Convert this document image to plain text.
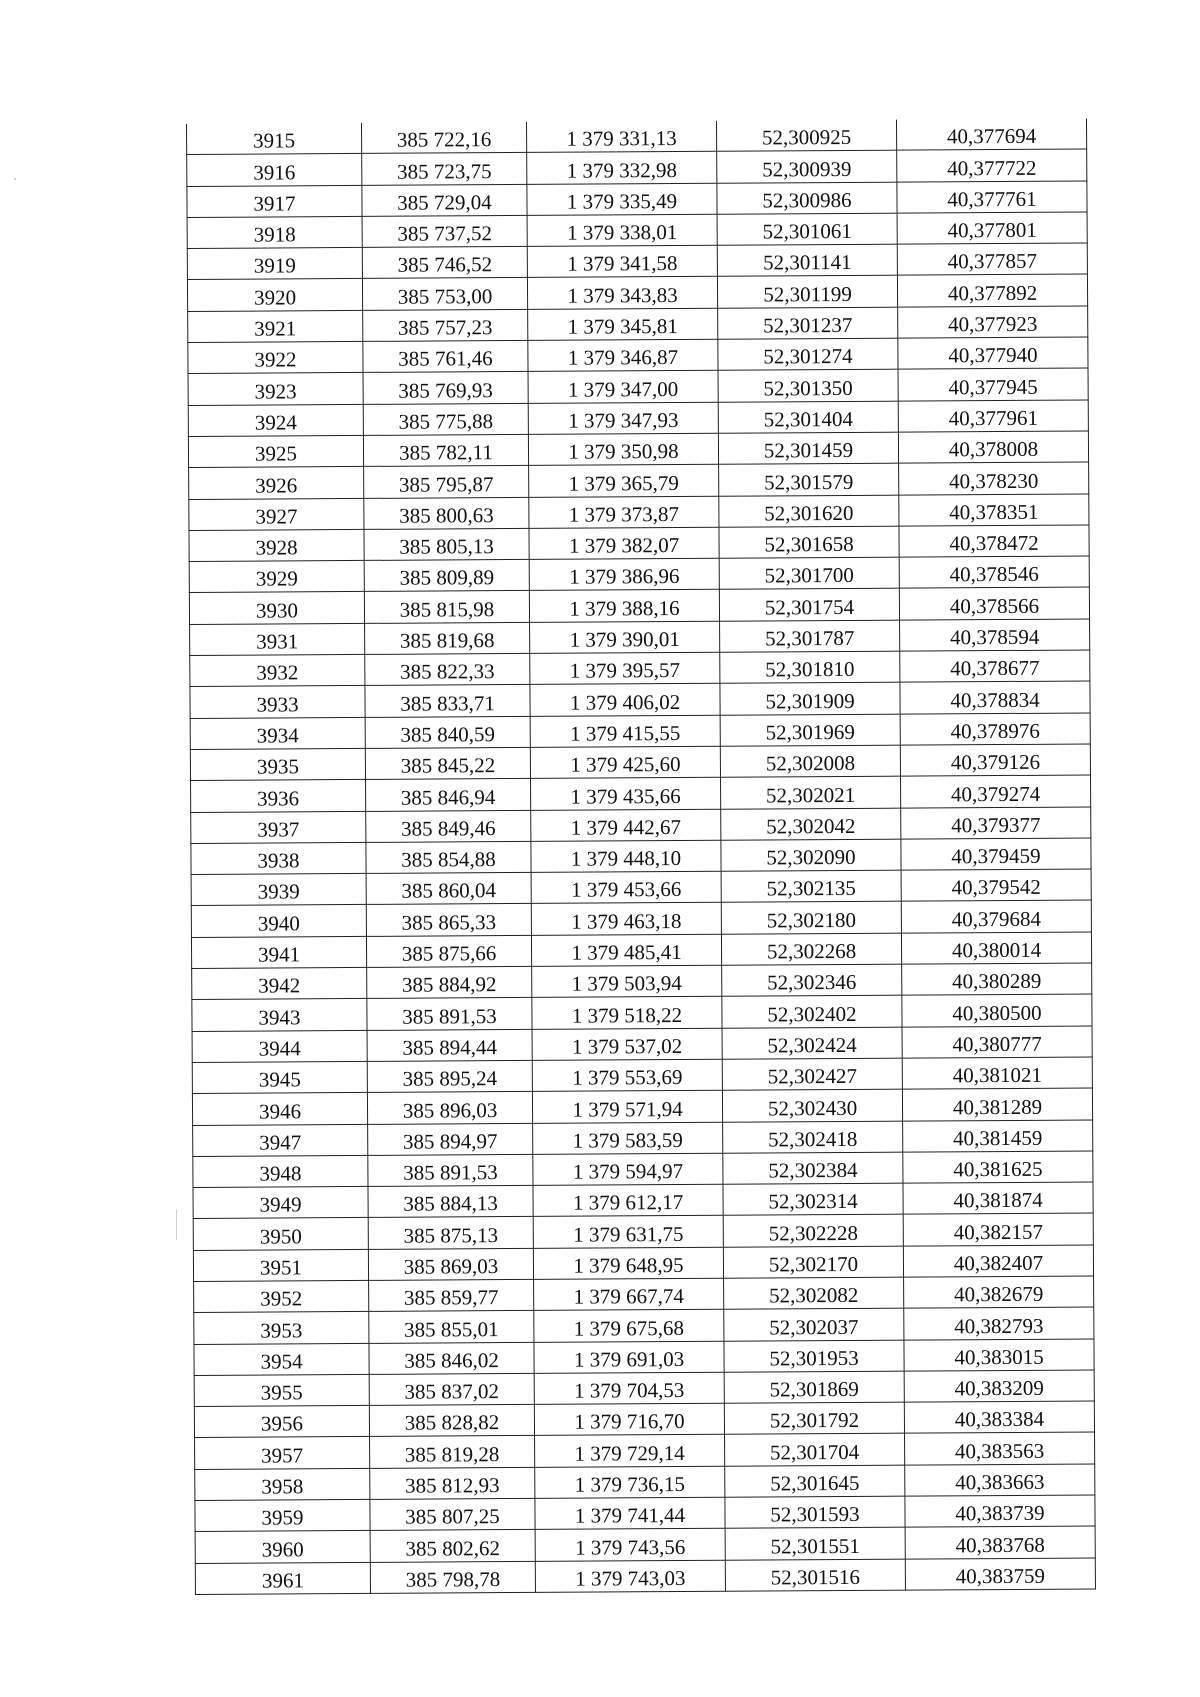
3915	385 722,16	1 379 331,13	52,300925	40,377694
3916	385 723,75	1 379 332,98	52,300939	40,377722
3917	385 729,04	1 379 335,49	52,300986	40,377761
3918	385 737,52	1 379 338,01	52,301061	40,377801
3919	385 746,52	1 379 341,58	52,301141	40,377857
3920	385 753,00	1 379 343,83	52,301199	40,377892
3921	385 757,23	1 379 345,81	52,301237	40,377923
3922	385 761,46	1 379 346,87	52,301274	40,377940
3923	385 769,93	1 379 347,00	52,301350	40,377945
3924	385 775,88	1 379 347,93	52,301404	40,377961
3925	385 782,11	1 379 350,98	52,301459	40,378008
3926	385 795,87	1 379 365,79	52,301579	40,378230
3927	385 800,63	1 379 373,87	52,301620	40,378351
3928	385 805,13	1 379 382,07	52,301658	40,378472
3929	385 809,89	1 379 386,96	52,301700	40,378546
3930	385 815,98	1 379 388,16	52,301754	40,378566
3931	385 819,68	1 379 390,01	52,301787	40,378594
3932	385 822,33	1 379 395,57	52,301810	40,378677
3933	385 833,71	1 379 406,02	52,301909	40,378834
3934	385 840,59	1 379 415,55	52,301969	40,378976
3935	385 845,22	1 379 425,60	52,302008	40,379126
3936	385 846,94	1 379 435,66	52,302021	40,379274
3937	385 849,46	1 379 442,67	52,302042	40,379377
3938	385 854,88	1 379 448,10	52,302090	40,379459
3939	385 860,04	1 379 453,66	52,302135	40,379542
3940	385 865,33	1 379 463,18	52,302180	40,379684
3941	385 875,66	1 379 485,41	52,302268	40,380014
3942	385 884,92	1 379 503,94	52,302346	40,380289
3943	385 891,53	1 379 518,22	52,302402	40,380500
3944	385 894,44	1 379 537,02	52,302424	40,380777
3945	385 895,24	1 379 553,69	52,302427	40,381021
3946	385 896,03	1 379 571,94	52,302430	40,381289
3947	385 894,97	1 379 583,59	52,302418	40,381459
3948	385 891,53	1 379 594,97	52,302384	40,381625
3949	385 884,13	1 379 612,17	52,302314	40,381874
3950	385 875,13	1 379 631,75	52,302228	40,382157
3951	385 869,03	1 379 648,95	52,302170	40,382407
3952	385 859,77	1 379 667,74	52,302082	40,382679
3953	385 855,01	1 379 675,68	52,302037	40,382793
3954	385 846,02	1 379 691,03	52,301953	40,383015
3955	385 837,02	1 379 704,53	52,301869	40,383209
3956	385 828,82	1 379 716,70	52,301792	40,383384
3957	385 819,28	1 379 729,14	52,301704	40,383563
3958	385 812,93	1 379 736,15	52,301645	40,383663
3959	385 807,25	1 379 741,44	52,301593	40,383739
3960	385 802,62	1 379 743,56	52,301551	40,383768
3961	385 798,78	1 379 743,03	52,301516	40,383759
